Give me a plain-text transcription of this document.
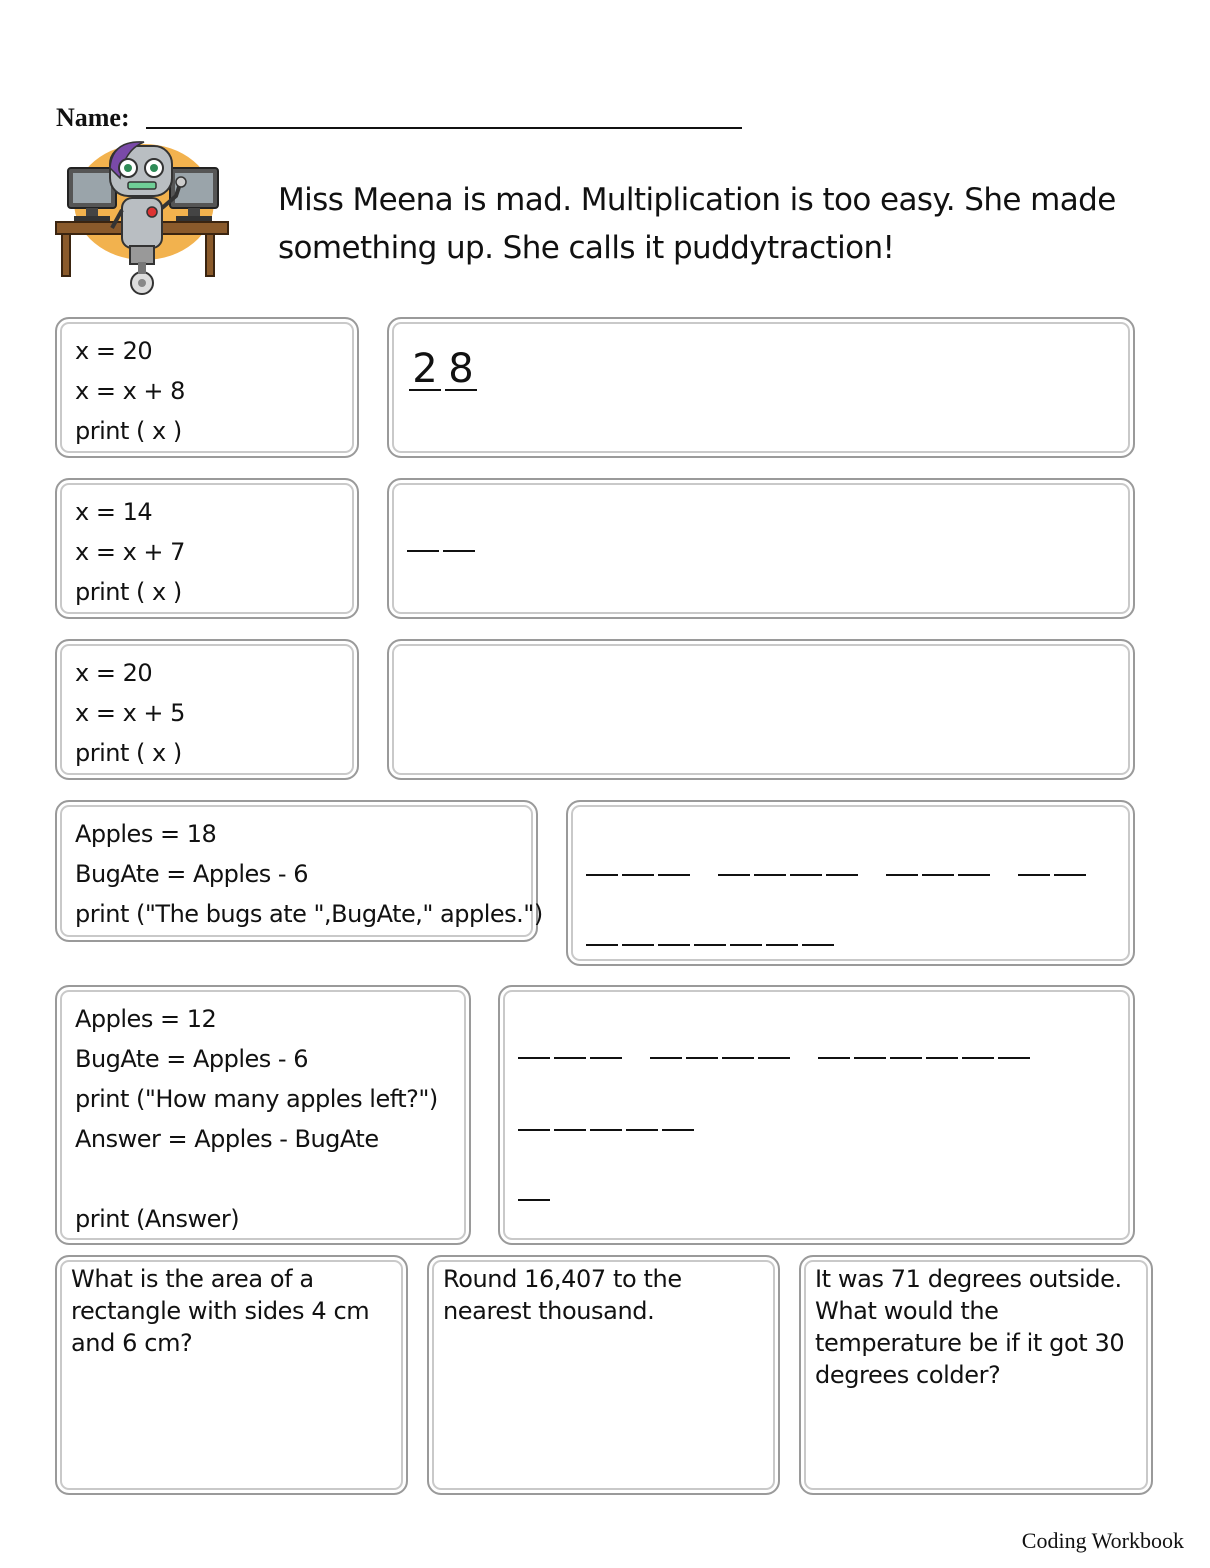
Name:
Miss Meena is mad. Multiplication is too easy. She made
something up. She calls it puddytraction!
x = 20
x = x + 8
print ( x )
2 8
x = 14
x = x + 7
print ( x )
x = 20
x = x + 5
print ( x )
Apples = 18
BugAte = Apples - 6
print ("The bugs ate ",BugAte," apples.")
Apples = 12
BugAte = Apples - 6
print ("How many apples left?")
Answer = Apples - BugAte
print (Answer)
What is the area of a rectangle with sides 4 cm and 6 cm?
Round 16,407 to the nearest thousand.
It was 71 degrees outside. What would the temperature be if it got 30 degrees colder?
Coding Workbook
